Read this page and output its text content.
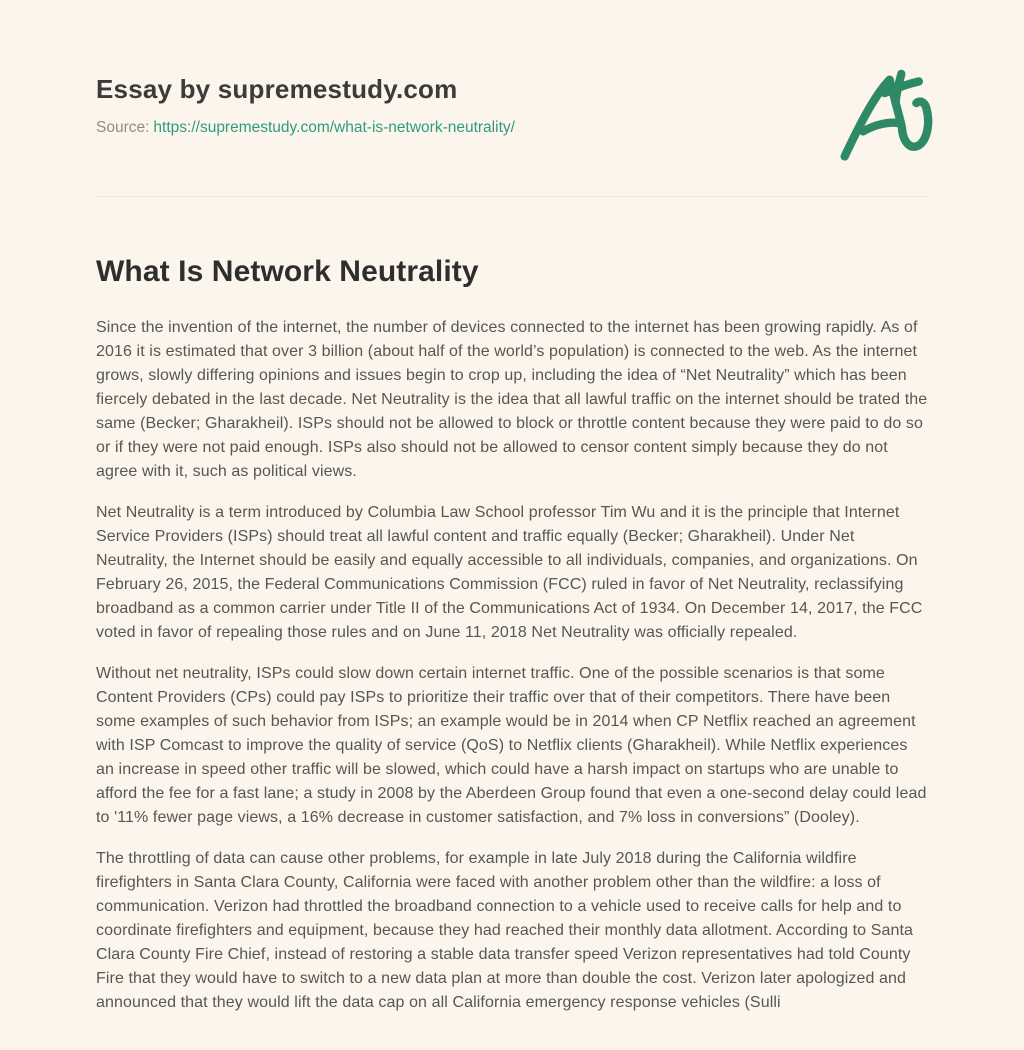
Essay by supremestudy.com
Source: https://supremestudy.com/what-is-network-neutrality/
What Is Network Neutrality

Since the invention of the internet, the number of devices connected to the internet has been growing rapidly. As of 2016 it is estimated that over 3 billion (about half of the world’s population) is connected to the web. As the internet grows, slowly differing opinions and issues begin to crop up, including the idea of “Net Neutrality” which has been fiercely debated in the last decade. Net Neutrality is the idea that all lawful traffic on the internet should be trated the same (Becker; Gharakheil). ISPs should not be allowed to block or throttle content because they were paid to do so or if they were not paid enough. ISPs also should not be allowed to censor content simply because they do not agree with it, such as political views.

Net Neutrality is a term introduced by Columbia Law School professor Tim Wu and it is the principle that Internet Service Providers (ISPs) should treat all lawful content and traffic equally (Becker; Gharakheil). Under Net Neutrality, the Internet should be easily and equally accessible to all individuals, companies, and organizations. On February 26, 2015, the Federal Communications Commission (FCC) ruled in favor of Net Neutrality, reclassifying broadband as a common carrier under Title II of the Communications Act of 1934. On December 14, 2017, the FCC voted in favor of repealing those rules and on June 11, 2018 Net Neutrality was officially repealed.

Without net neutrality, ISPs could slow down certain internet traffic. One of the possible scenarios is that some Content Providers (CPs) could pay ISPs to prioritize their traffic over that of their competitors. There have been some examples of such behavior from ISPs; an example would be in 2014 when CP Netflix reached an agreement with ISP Comcast to improve the quality of service (QoS) to Netflix clients (Gharakheil). While Netflix experiences an increase in speed other traffic will be slowed, which could have a harsh impact on startups who are unable to afford the fee for a fast lane; a study in 2008 by the Aberdeen Group found that even a one-second delay could lead to '11% fewer page views, a 16% decrease in customer satisfaction, and 7% loss in conversions” (Dooley).

The throttling of data can cause other problems, for example in late July 2018 during the California wildfire firefighters in Santa Clara County, California were faced with another problem other than the wildfire: a loss of communication. Verizon had throttled the broadband connection to a vehicle used to receive calls for help and to coordinate firefighters and equipment, because they had reached their monthly data allotment. According to Santa Clara County Fire Chief, instead of restoring a stable data transfer speed Verizon representatives had told County Fire that they would have to switch to a new data plan at more than double the cost. Verizon later apologized and announced that they would lift the data cap on all California emergency response vehicles (Sulli
